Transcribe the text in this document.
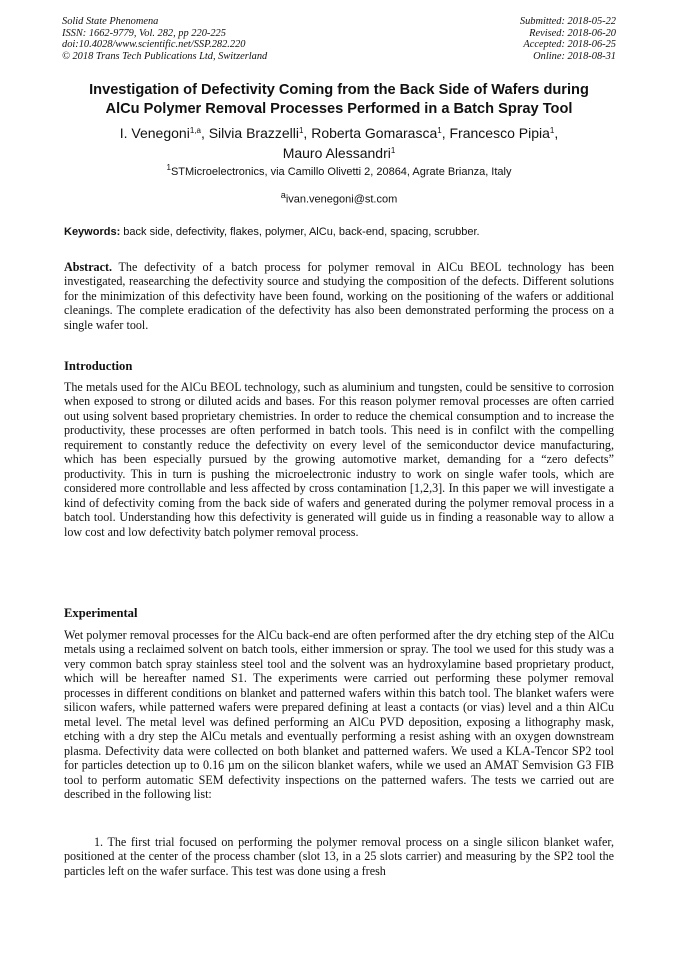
Solid State Phenomena
ISSN: 1662-9779, Vol. 282, pp 220-225
doi:10.4028/www.scientific.net/SSP.282.220
© 2018 Trans Tech Publications Ltd, Switzerland
Submitted: 2018-05-22
Revised: 2018-06-20
Accepted: 2018-06-25
Online: 2018-08-31
Investigation of Defectivity Coming from the Back Side of Wafers during
AlCu Polymer Removal Processes Performed in a Batch Spray Tool
I. Venegoni$^{1,a}$, Silvia Brazzelli$^1$, Roberta Gomarasca$^1$, Francesco Pipia$^1$,
Mauro Alessandri$^1$
$^1$STMicroelectronics, via Camillo Olivetti 2, 20864, Agrate Brianza, Italy
$^a$ivan.venegoni@st.com
Keywords: back side, defectivity, flakes, polymer, AlCu, back-end, spacing, scrubber.

Abstract. The defectivity of a batch process for polymer removal in AlCu BEOL technology has been investigated, reasearching the defectivity source and studying the composition of the defects. Different solutions for the minimization of this defectivity have been found, working on the positioning of the wafers or additional cleanings. The complete eradication of the defectivity has also been demonstrated performing the process on a single wafer tool.

Introduction

The metals used for the AlCu BEOL technology, such as aluminium and tungsten, could be sensitive to corrosion when exposed to strong or diluted acids and bases. For this reason polymer removal processes are often carried out using solvent based proprietary chemistries. In order to reduce the chemical consumption and to increase the productivity, these processes are often performed in batch tools. This need is in confilct with the compelling requirement to constantly reduce the defectivity on every level of the semiconductor device manufacturing, which has been especially pursued by the growing automotive market, demanding for a “zero defects” productivity. This in turn is pushing the microelectronic industry to work on single wafer tools, which are considered more controllable and less affected by cross contamination [1,2,3]. In this paper we will investigate a kind of defectivity coming from the back side of wafers and generated during the polymer removal process in a batch tool. Understanding how this defectivity is generated will guide us in finding a reasonable way to allow a low cost and low defectivity batch polymer removal process.

Experimental

Wet polymer removal processes for the AlCu back-end are often performed after the dry etching step of the AlCu metals using a reclaimed solvent on batch tools, either immersion or spray. The tool we used for this study was a very common batch spray stainless steel tool and the solvent was an hydroxylamine based proprietary product, which will be hereafter named S1. The experiments were carried out performing these polymer removal processes in different conditions on blanket and patterned wafers within this batch tool. The blanket wafers were silicon wafers, while patterned wafers were prepared defining at least a contacts (or vias) level and a thin AlCu metal level. The metal level was defined performing an AlCu PVD deposition, exposing a lithography mask, etching with a dry step the AlCu metals and eventually performing a resist ashing with an oxygen downstream plasma. Defectivity data were collected on both blanket and patterned wafers. We used a KLA-Tencor SP2 tool for particles detection up to 0.16 µm on the silicon blanket wafers, while we used an AMAT Semvision G3 FIB tool to perform automatic SEM defectivity inspections on the patterned wafers. The tests we carried out are described in the following list:

1. The first trial focused on performing the polymer removal process on a single silicon blanket wafer, positioned at the center of the process chamber (slot 13, in a 25 slots carrier) and measuring by the SP2 tool the particles left on the wafer surface. This test was done using a fresh
